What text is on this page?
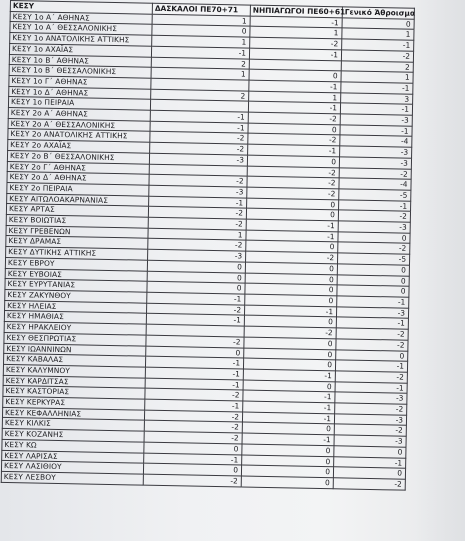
ΚΕΣΥ	ΔΑΣΚΑΛΟΙ ΠΕ70+71	ΝΗΠΙΑΓΩΓΟΙ ΠΕ60+61	Γενικό Άθροισμα
ΚΕΣΥ 1ο Α΄ ΑΘΗΝΑΣ	1	-1	0
ΚΕΣΥ 1ο Α΄ ΘΕΣΣΑΛΟΝΙΚΗΣ	0	1	1
ΚΕΣΥ 1ο ΑΝΑΤΟΛΙΚΗΣ ΑΤΤΙΚΗΣ	1	-2	-1
ΚΕΣΥ 1ο ΑΧΑΪΑΣ	-1	-1	-2
ΚΕΣΥ 1ο Β΄ ΑΘΗΝΑΣ	2		2
ΚΕΣΥ 1ο Β΄ ΘΕΣΣΑΛΟΝΙΚΗΣ	1	0	1
ΚΕΣΥ 1ο Γ΄ ΑΘΗΝΑΣ		-1	-1
ΚΕΣΥ 1ο Δ΄ ΑΘΗΝΑΣ	2	1	3
ΚΕΣΥ 1ο ΠΕΙΡΑΙΑ		-1	-1
ΚΕΣΥ 2ο Α΄ ΑΘΗΝΑΣ	-1	-2	-3
ΚΕΣΥ 2ο Α΄ ΘΕΣΣΑΛΟΝΙΚΗΣ	-1	0	-1
ΚΕΣΥ 2ο ΑΝΑΤΟΛΙΚΗΣ ΑΤΤΙΚΗΣ	-2	-2	-4
ΚΕΣΥ 2ο ΑΧΑΪΑΣ	-2	-1	-3
ΚΕΣΥ 2ο Β΄ ΘΕΣΣΑΛΟΝΙΚΗΣ	-3	0	-3
ΚΕΣΥ 2ο Γ΄ ΑΘΗΝΑΣ		-2	-2
ΚΕΣΥ 2ο Δ΄ ΑΘΗΝΑΣ	-2	-2	-4
ΚΕΣΥ 2ο ΠΕΙΡΑΙΑ	-3	-2	-5
ΚΕΣΥ ΑΙΤΩΛΟΑΚΑΡΝΑΝΙΑΣ	-1	0	-1
ΚΕΣΥ ΑΡΤΑΣ	-2	0	-2
ΚΕΣΥ ΒΟΙΩΤΙΑΣ	-2	-1	-3
ΚΕΣΥ ΓΡΕΒΕΝΩΝ	1	-1	0
ΚΕΣΥ ΔΡΑΜΑΣ	-2	0	-2
ΚΕΣΥ ΔΥΤΙΚΗΣ ΑΤΤΙΚΗΣ	-3	-2	-5
ΚΕΣΥ ΕΒΡΟΥ	0	0	0
ΚΕΣΥ ΕΥΒΟΙΑΣ	0	0	0
ΚΕΣΥ ΕΥΡΥΤΑΝΙΑΣ	0	0	0
ΚΕΣΥ ΖΑΚΥΝΘΟΥ	-1	0	-1
ΚΕΣΥ ΗΛΕΙΑΣ	-2	-1	-3
ΚΕΣΥ ΗΜΑΘΙΑΣ	-1	0	-1
ΚΕΣΥ ΗΡΑΚΛΕΙΟΥ		-2	-2
ΚΕΣΥ ΘΕΣΠΡΩΤΙΑΣ	-2	0	-2
ΚΕΣΥ ΙΩΑΝΝΙΝΩΝ	0	0	0
ΚΕΣΥ ΚΑΒΑΛΑΣ	-1	0	-1
ΚΕΣΥ ΚΑΛΥΜΝΟΥ	-1	-1	-2
ΚΕΣΥ ΚΑΡΔΙΤΣΑΣ	-1	0	-1
ΚΕΣΥ ΚΑΣΤΟΡΙΑΣ	-2	-1	-3
ΚΕΣΥ ΚΕΡΚΥΡΑΣ	-1	-1	-2
ΚΕΣΥ ΚΕΦΑΛΛΗΝΙΑΣ	-2	-1	-3
ΚΕΣΥ ΚΙΛΚΙΣ	-2	0	-2
ΚΕΣΥ ΚΟΖΑΝΗΣ	-2	-1	-3
ΚΕΣΥ ΚΩ	0	0	0
ΚΕΣΥ ΛΑΡΙΣΑΣ	-1	0	-1
ΚΕΣΥ ΛΑΣΙΘΙΟΥ	0	0	0
ΚΕΣΥ ΛΕΣΒΟΥ	-2	0	-2
